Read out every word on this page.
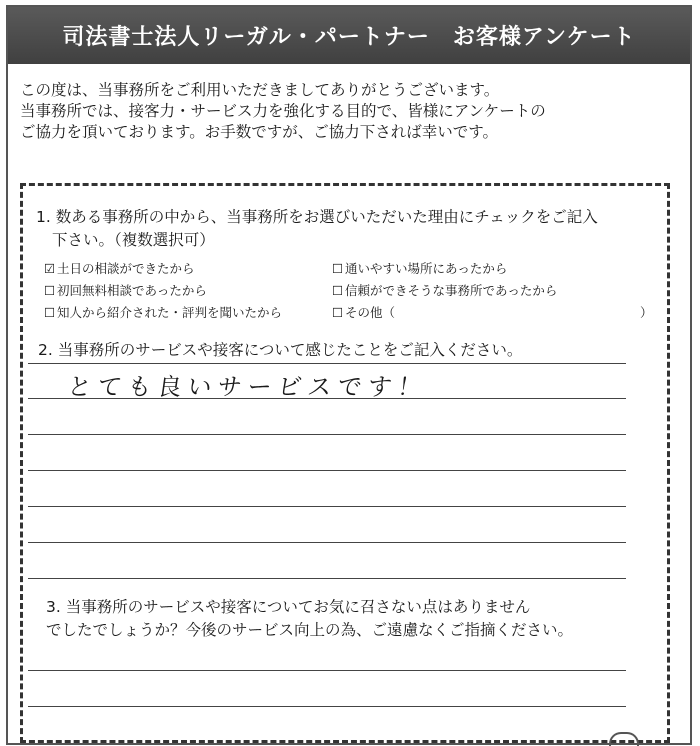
司法書士法人リーガル・パートナー　お客様アンケート
この度は、当事務所をご利用いただきましてありがとうございます。
当事務所では、接客力・サービス力を強化する目的で、皆様にアンケートの
ご協力を頂いております。お手数ですが、ご協力下されば幸いです。
1. 数ある事務所の中から、当事務所をお選びいただいた理由にチェックをご記入
下さい。（複数選択可）
☑ 土日の相談ができたから	☐ 通いやすい場所にあったから
☐ 初回無料相談であったから	☐ 信頼ができそうな事務所であったから
☐ 知人から紹介された・評判を聞いたから	☐ その他（	）
2. 当事務所のサービスや接客について感じたことをご記入ください。
とても良いサービスです！
3. 当事務所のサービスや接客についてお気に召さない点はありません
でしたでしょうか？今後のサービス向上の為、ご遠慮なくご指摘ください。
